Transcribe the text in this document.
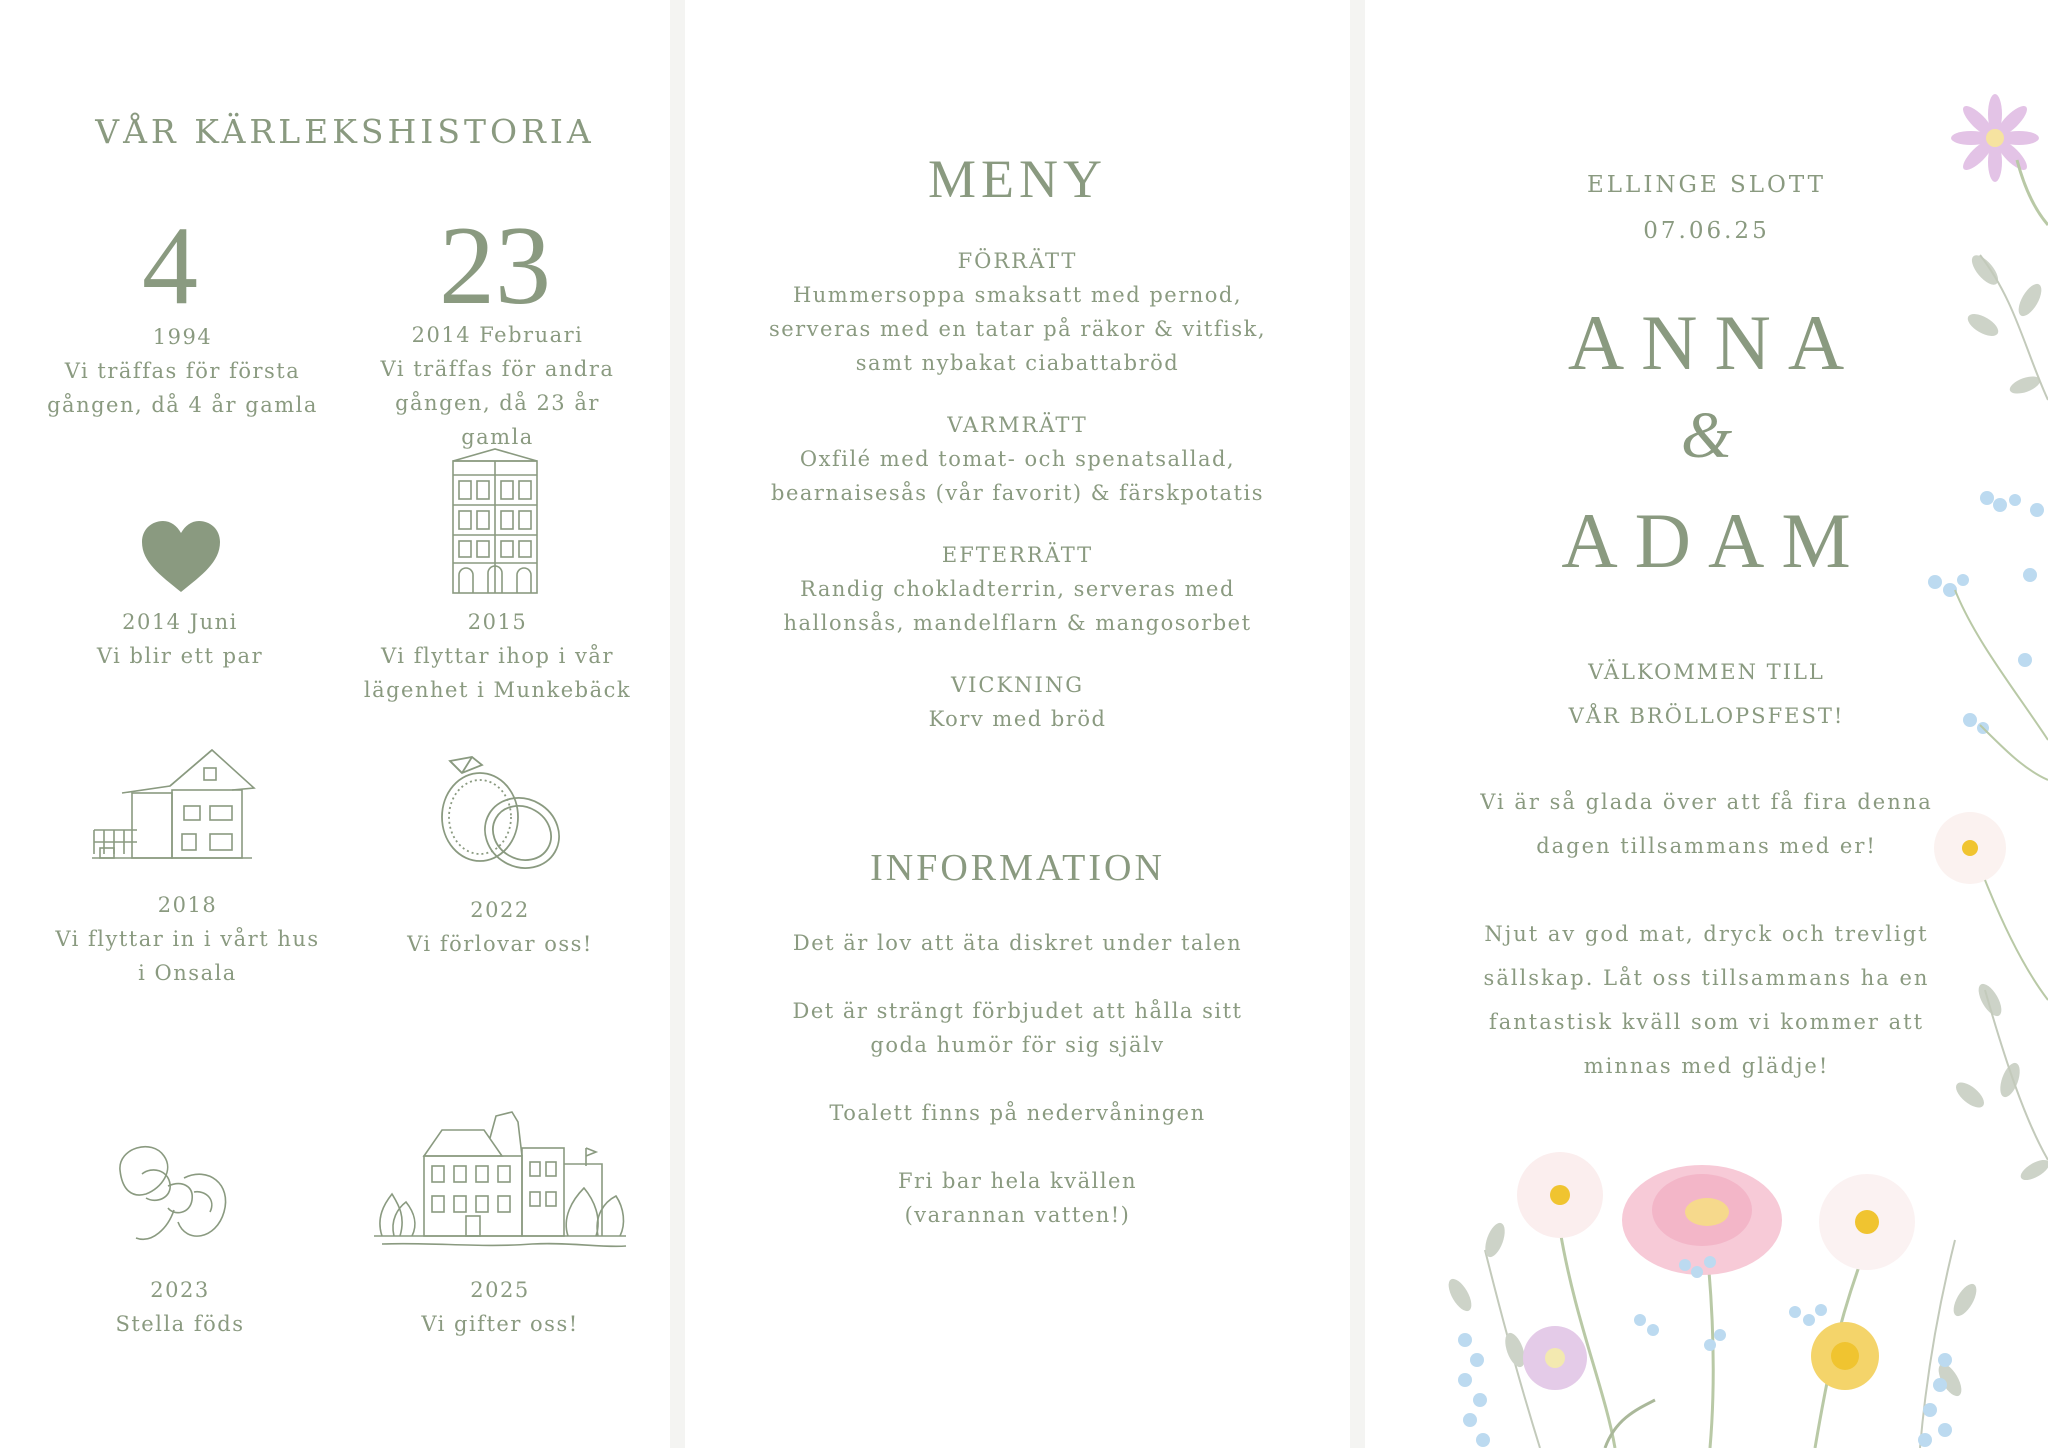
VÅR KÄRLEKSHISTORIA
4
1994
Vi träffas för första gången, då 4 år gamla
23
2014 Februari
Vi träffas för andra gången, då 23 år gamla
2014 Juni
Vi blir ett par
2015
Vi flyttar ihop i vår lägenhet i Munkebäck
2018
Vi flyttar in i vårt hus i Onsala
2022
Vi förlovar oss!
2023
Stella föds
2025
Vi gifter oss!
MENY
FÖRRÄTT
Hummersoppa smaksatt med pernod,
serveras med en tatar på räkor & vitfisk,
samt nybakat ciabattabröd
VARMRÄTT
Oxfilé med tomat- och spenatsallad,
bearnaisesås (vår favorit) & färskpotatis
EFTERRÄTT
Randig chokladterrin, serveras med
hallonsås, mandelflarn & mangosorbet
VICKNING
Korv med bröd
INFORMATION
Det är lov att äta diskret under talen
Det är strängt förbjudet att hålla sitt
goda humör för sig själv
Toalett finns på nedervåningen
Fri bar hela kvällen
(varannan vatten!)
ELLINGE SLOTT
07.06.25
ANNA
&
ADAM
VÄLKOMMEN TILL
VÅR BRÖLLOPSFEST!
Vi är så glada över att få fira denna
dagen tillsammans med er!
Njut av god mat, dryck och trevligt
sällskap. Låt oss tillsammans ha en
fantastisk kväll som vi kommer att
minnas med glädje!
